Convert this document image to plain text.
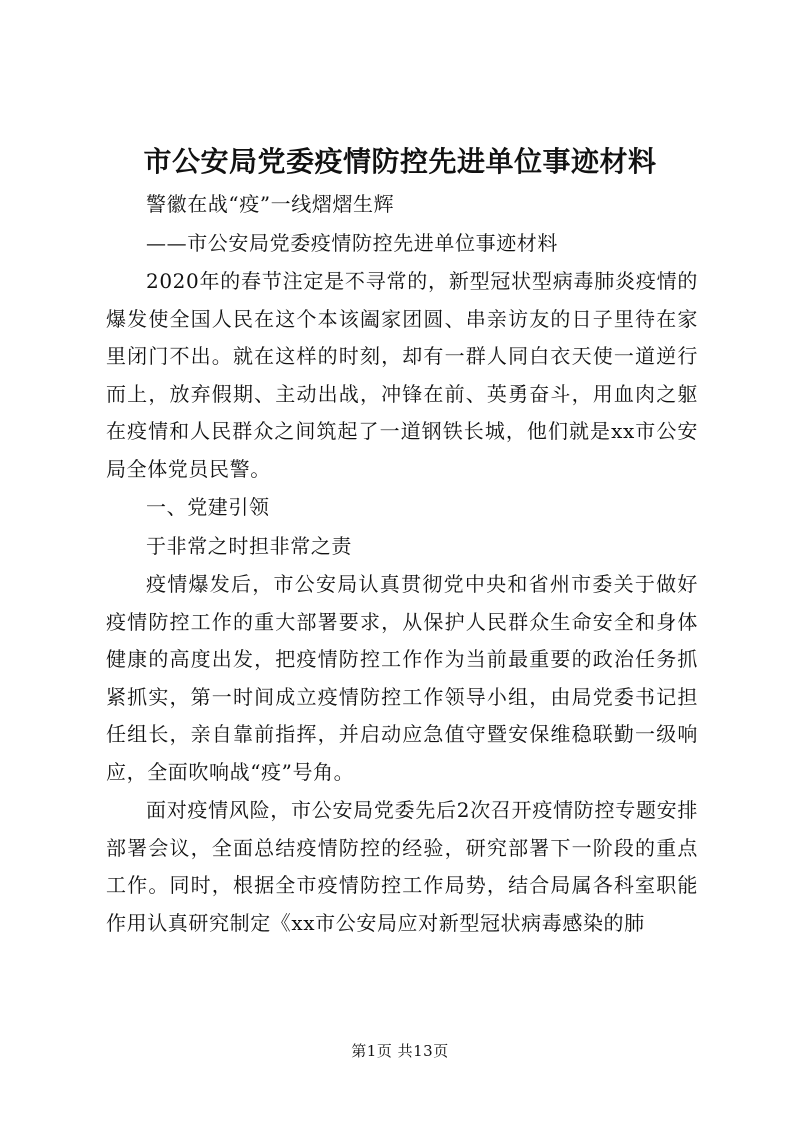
市公安局党委疫情防控先进单位事迹材料

警徽在战“疫”一线熠熠生辉

——市公安局党委疫情防控先进单位事迹材料

2020年的春节注定是不寻常的，新型冠状型病毒肺炎疫情的爆发使全国人民在这个本该阖家团圆、串亲访友的日子里待在家里闭门不出。就在这样的时刻，却有一群人同白衣天使一道逆行而上，放弃假期、主动出战，冲锋在前、英勇奋斗，用血肉之躯在疫情和人民群众之间筑起了一道钢铁长城，他们就是xx市公安局全体党员民警。

一、党建引领

于非常之时担非常之责

疫情爆发后，市公安局认真贯彻党中央和省州市委关于做好疫情防控工作的重大部署要求，从保护人民群众生命安全和身体健康的高度出发，把疫情防控工作作为当前最重要的政治任务抓紧抓实，第一时间成立疫情防控工作领导小组，由局党委书记担任组长，亲自靠前指挥，并启动应急值守暨安保维稳联勤一级响应，全面吹响战“疫”号角。

面对疫情风险，市公安局党委先后2次召开疫情防控专题安排部署会议，全面总结疫情防控的经验，研究部署下一阶段的重点工作。同时，根据全市疫情防控工作局势，结合局属各科室职能作用认真研究制定《xx市公安局应对新型冠状病毒感染的肺

第1页 共13页
